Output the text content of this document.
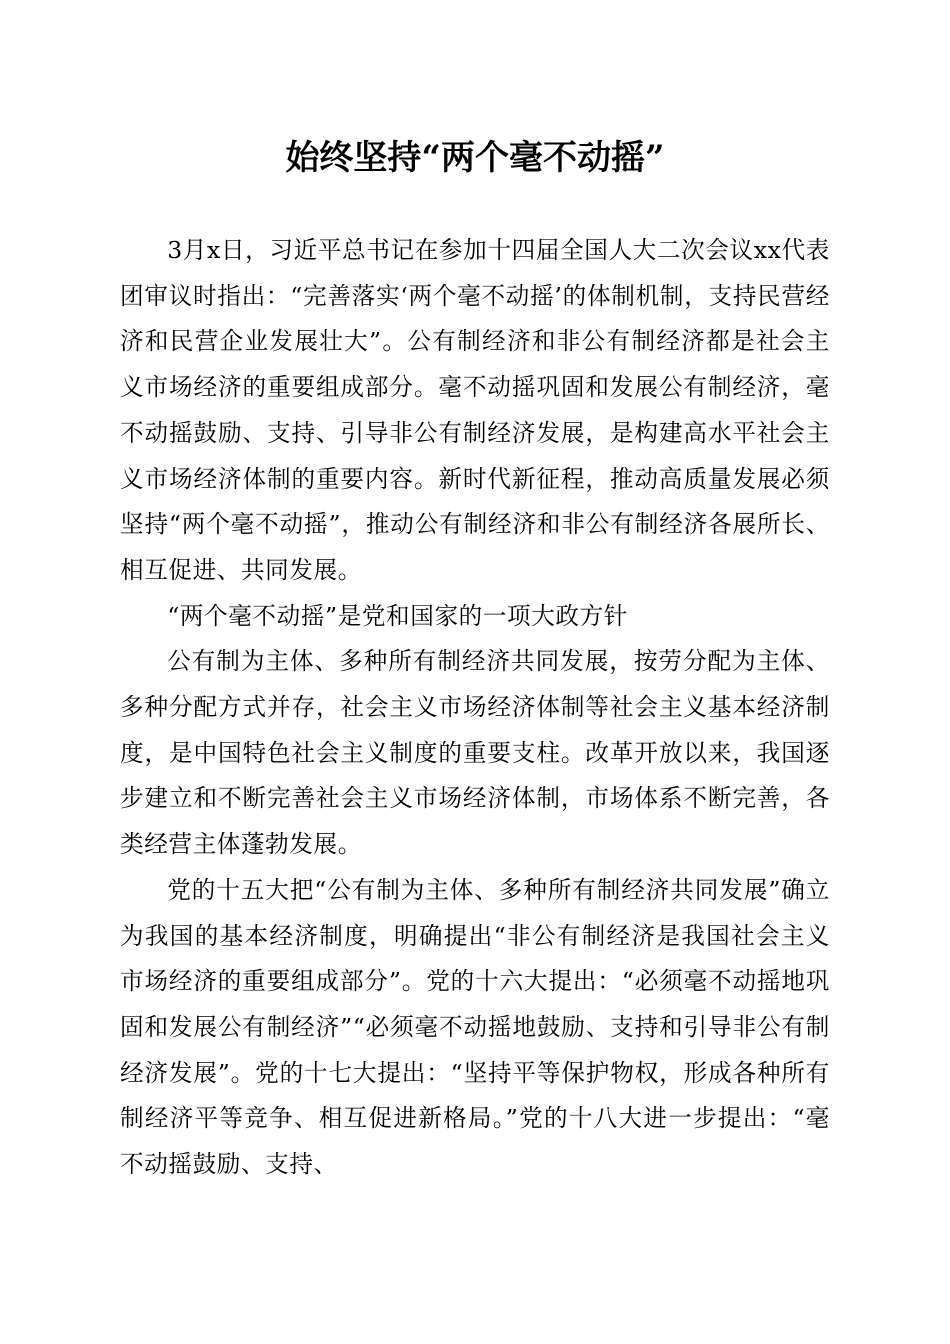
始终坚持“两个毫不动摇”

3月x日，习近平总书记在参加十四届全国人大二次会议xx代表团审议时指出：“完善落实‘两个毫不动摇’的体制机制，支持民营经济和民营企业发展壮大”。公有制经济和非公有制经济都是社会主义市场经济的重要组成部分。毫不动摇巩固和发展公有制经济，毫不动摇鼓励、支持、引导非公有制经济发展，是构建高水平社会主义市场经济体制的重要内容。新时代新征程，推动高质量发展必须坚持“两个毫不动摇”，推动公有制经济和非公有制经济各展所长、相互促进、共同发展。

“两个毫不动摇”是党和国家的一项大政方针

公有制为主体、多种所有制经济共同发展，按劳分配为主体、多种分配方式并存，社会主义市场经济体制等社会主义基本经济制度，是中国特色社会主义制度的重要支柱。改革开放以来，我国逐步建立和不断完善社会主义市场经济体制，市场体系不断完善，各类经营主体蓬勃发展。

党的十五大把“公有制为主体、多种所有制经济共同发展”确立为我国的基本经济制度，明确提出“非公有制经济是我国社会主义市场经济的重要组成部分”。党的十六大提出：“必须毫不动摇地巩固和发展公有制经济”“必须毫不动摇地鼓励、支持和引导非公有制经济发展”。党的十七大提出：“坚持平等保护物权，形成各种所有制经济平等竞争、相互促进新格局。”党的十八大进一步提出：“毫不动摇鼓励、支持、
